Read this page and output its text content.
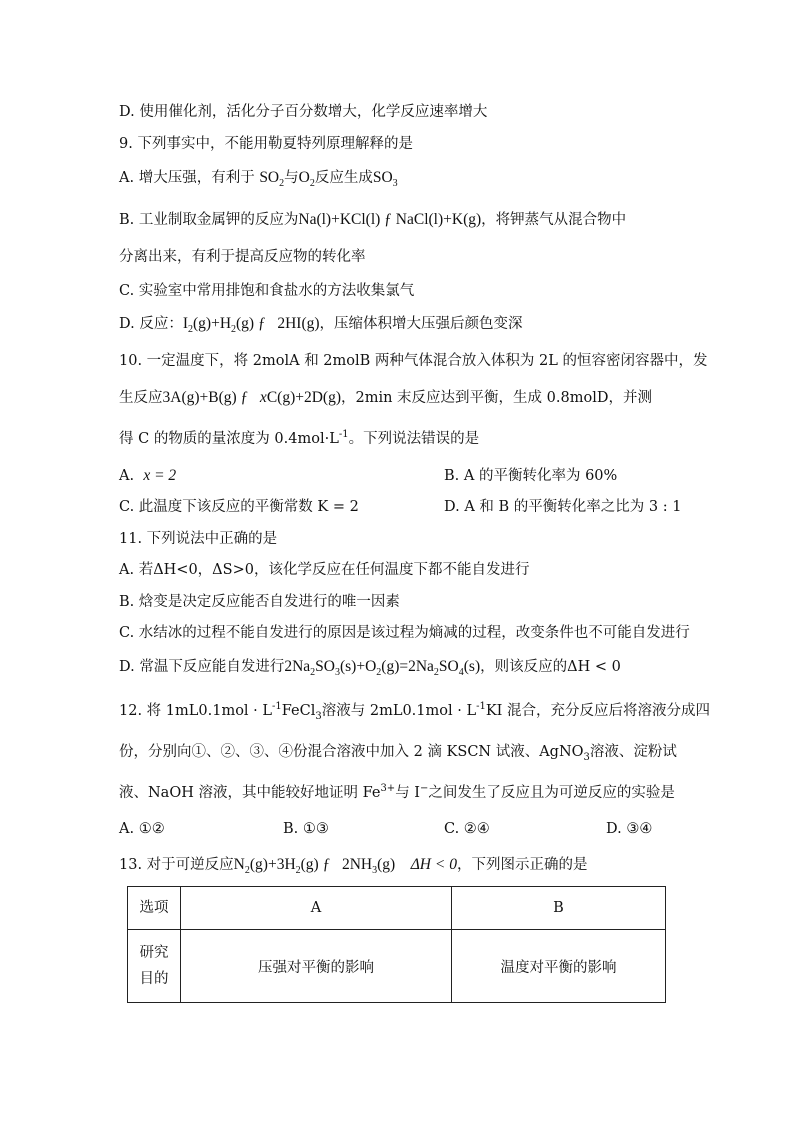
D. 使用催化剂，活化分子百分数增大，化学反应速率增大
9. 下列事实中，不能用勒夏特列原理解释的是
A. 增大压强，有利于 $SO_2$与$O_2$反应生成$SO_3$
B. 工业制取金属钾的反应为Na(l)+KCl(l) ƒ NaCl(l)+K(g)，将钾蒸气从混合物中
分离出来，有利于提高反应物的转化率
C. 实验室中常用排饱和食盐水的方法收集氯气
D. 反应：$I_2(g)+H_2(g)$ ƒ   2HI(g)，压缩体积增大压强后颜色变深
10. 一定温度下，将 2molA 和 2molB 两种气体混合放入体积为 2L 的恒容密闭容器中，发
生反应3A(g)+B(g) ƒ   xC(g)+2D(g)，2min 末反应达到平衡，生成 0.8molD，并测
得 C 的物质的量浓度为 $0.4mol\cdot L^{-1}$。下列说法错误的是
A. x = 2	B. A 的平衡转化率为 60%
C. 此温度下该反应的平衡常数 K = 2	D. A 和 B 的平衡转化率之比为 3 : 1
11. 下列说法中正确的是
A. 若ΔH<0，ΔS>0，该化学反应在任何温度下都不能自发进行
B. 焓变是决定反应能否自发进行的唯一因素
C. 水结冰的过程不能自发进行的原因是该过程为熵减的过程，改变条件也不可能自发进行
D. 常温下反应能自发进行$2Na_2SO_3(s)+O_2(g)=2Na_2SO_4(s)$，则该反应的ΔH < 0
12. 将 $1mL0.1mol \cdot L^{-1}FeCl_3$溶液与 $2mL0.1mol \cdot L^{-1}KI$ 混合，充分反应后将溶液分成四
份，分别向①、②、③、④份混合溶液中加入 2 滴 KSCN 试液、AgNO$_3$溶液、淀粉试
液、NaOH 溶液，其中能较好地证明 $Fe^{3+}$与 I−之间发生了反应且为可逆反应的实验是
A. ①②	B. ①③	C. ②④	D. ③④
13. 对于可逆反应$N_2(g)+3H_2(g)$ ƒ   $2NH_3(g)$    ΔH < 0，下列图示正确的是
选项	A	B
研究
目的	压强对平衡的影响	温度对平衡的影响
